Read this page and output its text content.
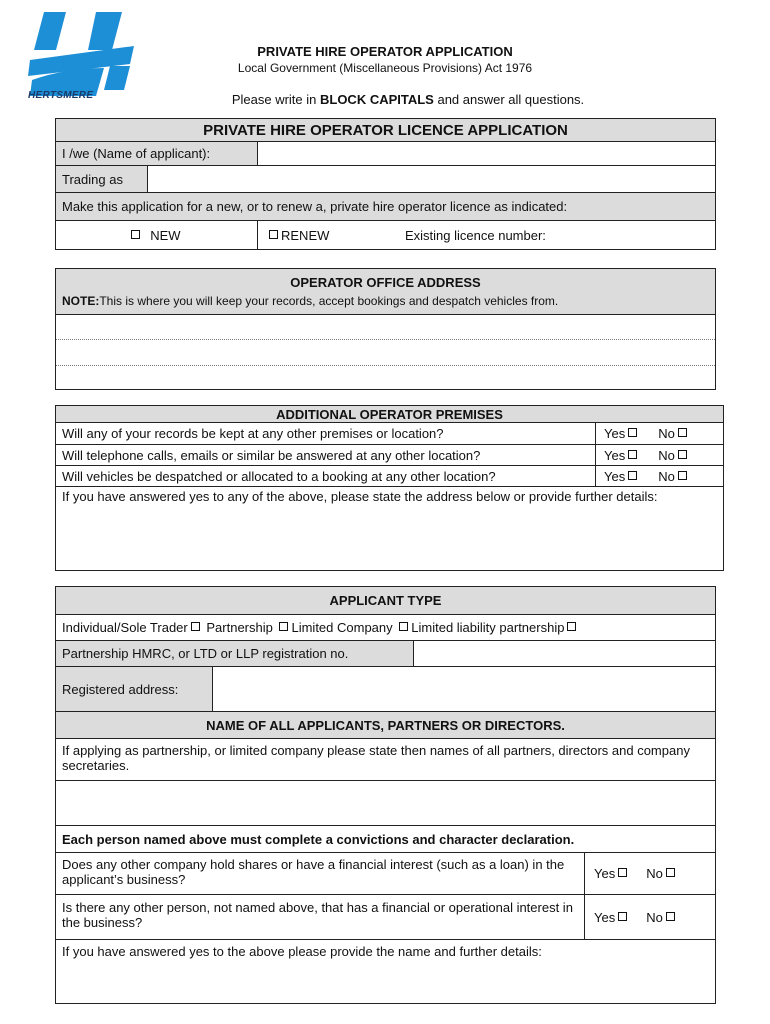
HERTSMERE
PRIVATE HIRE OPERATOR APPLICATION
Local Government (Miscellaneous Provisions) Act 1976
Please write in BLOCK CAPITALS and answer all questions.
PRIVATE HIRE OPERATOR LICENCE APPLICATION
I /we (Name of applicant):
Trading as
Make this application for a new, or to renew a, private hire operator licence as indicated:

NEW	RENEW	Existing licence number:
OPERATOR OFFICE ADDRESS
NOTE: This is where you will keep your records, accept bookings and despatch vehicles from.
ADDITIONAL OPERATOR PREMISES
Will any of your records be kept at any other premises or location?	Yes	No
Will telephone calls, emails or similar be answered at any other location?	Yes	No
Will vehicles be despatched or allocated to a booking at any other location?	Yes	No
If you have answered yes to any of the above, please state the address below or provide further details:
APPLICANT TYPE
Individual/Sole Trader
Partnership
Limited Company
Limited liability partnership
Partnership HMRC, or LTD or LLP registration no.
Registered address:
NAME OF ALL APPLICANTS, PARTNERS OR DIRECTORS.
If applying as partnership, or limited company please state then names of all partners, directors and company secretaries.
Each person named above must complete a convictions and character declaration.
Does any other company hold shares or have a financial interest (such as a loan) in the applicant’s business?	Yes No
Is there any other person, not named above, that has a financial or operational interest in the business?	Yes No
If you have answered yes to the above please provide the name and further details:
